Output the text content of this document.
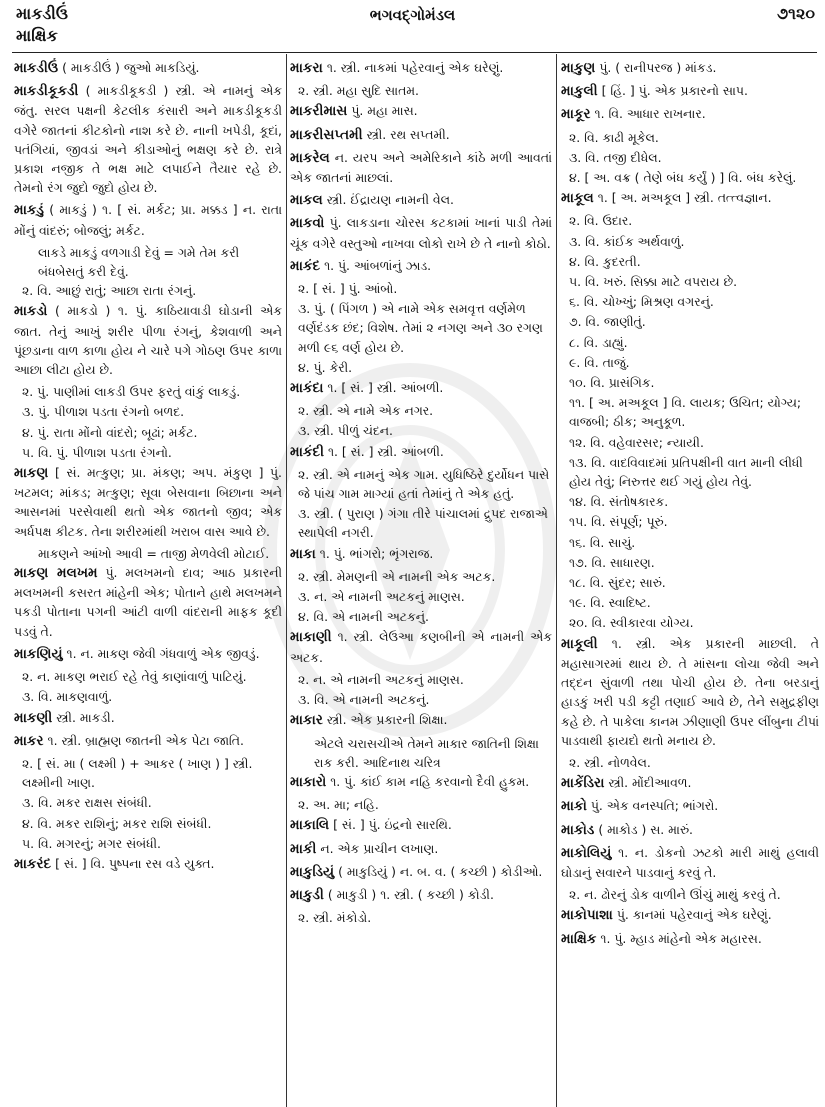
માકડીઉં
માક્ષિક
ભગવદ્ગોમંડલ	૭૧૨૦

માકડીઉં ( માકડીઉં ) જુઓ માકડિયું.

માકડીકૂકડી ( માકડીકૂકડી ) સ્ત્રી. એ નામનું એક જંતુ. સરલ પક્ષની કેટલીક કંસારી અને માકડીકૂકડી વગેરે જાતનાં કીટકોનો નાશ કરે છે. નાની ખપેડી, કૂદાં, પતંગિયાં, જીવડાં અને કીડાઓનું ભક્ષણ કરે છે. રાત્રે પ્રકાશ નજીક તે ભક્ષ માટે લપાઈને તૈયાર રહે છે. તેમનો રંગ જુદો જુદો હોય છે.

માકડું ( માકડું ) ૧. [ સં. મર્કટ; પ્રા. મક્કડ ] ન. રાતા મોંનું વાંદરું; બોજલું; મર્કટ.

લાકડે માકડું વળગાડી દેવું = ગમે તેમ કરી બંધબેસતું કરી દેવું.

૨. વિ. આછું રાતું; આછા રાતા રંગનું.

માકડો ( માકડો ) ૧. પું. કાઠિયાવાડી ઘોડાની એક જાત. તેનું આખું શરીર પીળા રંગનું, કેશવાળી અને પૂંછડાના વાળ કાળા હોય ને ચારે પગે ગોઠણ ઉપર કાળા આછા લીટા હોય છે.

૨. પું. પાણીમાં લાકડી ઉપર ફરતું વાંકું લાકડું.

૩. પું. પીળાશ પડતા રંગનો બળદ.

૪. પું. રાતા મોંનો વાંદરો; બૂઢાં; મર્કટ.

૫. વિ. પું. પીળાશ પડતા રંગનો.

માકણ [ સં. મત્કુણ; પ્રા. મંકણ; અપ. મંકુણ ] પું. ખટમલ; માંકડ; મત્કુણ; સૂવા બેસવાના બિછાના અને આસનમાં પરસેવાથી થતો એક જાતનો જીવ; એક અર્ધપક્ષ કીટક. તેના શરીરમાંથી ખરાબ વાસ આવે છે.

માકણને આંખો આવી = તાજી મેળવેલી મોટાઈ.

માકણ મલખમ પું. મલખમનો દાવ; આઠ પ્રકારની મલખમની કસરત માંહેની એક; પોતાને હાથે મલખમને પકડી પોતાના પગની આંટી વાળી વાંદરાની માફક કૂદી પડવું તે.

માકણિયું ૧. ન. માકણ જેવી ગંધવાળું એક જીવડું.

૨. ન. માકણ ભરાઈ રહે તેવું કાણાંવાળું પાટિયું.

૩. વિ. માકણવાળું.

માકણી સ્ત્રી. માકડી.

માકર ૧. સ્ત્રી. બ્રાહ્મણ જાતની એક પેટા જાતિ.

૨. [ સં. મા ( લક્ષ્મી ) + આકર ( ખાણ ) ] સ્ત્રી. લક્ષ્મીની ખાણ.

૩. વિ. મકર રાક્ષસ સંબંધી.

૪. વિ. મકર રાશિનું; મકર રાશિ સંબંધી.

૫. વિ. મગરનું; મગર સંબંધી.

માકરંદ [ સં. ] વિ. પુષ્પના રસ વડે યુક્ત.

માકરા ૧. સ્ત્રી. નાકમાં પહેરવાનું એક ઘરેણું.

૨. સ્ત્રી. મહા સુદિ સાતમ.

માકરીમાસ પું. મહા માસ.

માકરીસપ્તમી સ્ત્રી. રથ સપ્તમી.

માકરેલ ન. યરપ અને અમેરિકાને કાંઠે મળી આવતાં એક જાતનાં માછલાં.

માકલ સ્ત્રી. ઈંદ્રાયણ નામની વેલ.

માકવો પું. લાકડાના ચોરસ કટકામાં ખાનાં પાડી તેમાં ચૂંક વગેરે વસ્તુઓ નાખવા લોકો રાખે છે તે નાનો કોઠો.

માકંદ ૧. પું. આંબળાંનું ઝાડ.

૨. [ સં. ] પું. આંબો.

૩. પું. ( પિંગળ ) એ નામે એક સમવૃત્ત વર્ણમેળ વર્ણદંડક છંદ; વિશેષ. તેમાં ૨ નગણ અને ૩૦ રગણ મળી ૯૬ વર્ણ હોય છે.

૪. પું. કેરી.

માકંદા ૧. [ સં. ] સ્ત્રી. આંબળી.

૨. સ્ત્રી. એ નામે એક નગર.

૩. સ્ત્રી. પીળું ચંદન.

માકંદી ૧. [ સં. ] સ્ત્રી. આંબળી.

૨. સ્ત્રી. એ નામનું એક ગામ. યુધિષ્ઠિરે દુર્યોધન પાસે જે પાંચ ગામ માગ્યાં હતાં તેમાંનું તે એક હતું.

૩. સ્ત્રી. ( પુરાણ ) ગંગા તીરે પાંચાલમાં દ્રુપદ રાજાએ સ્થાપેલી નગરી.

માકા ૧. પું. ભાંગરો; ભૃંગરાજ.

૨. સ્ત્રી. મેમણની એ નામની એક અટક.

૩. ન. એ નામની અટકનું માણસ.

૪. વિ. એ નામની અટકનું.

માકાણી ૧. સ્ત્રી. લેઉઆ કણબીની એ નામની એક અટક.

૨. ન. એ નામની અટકનું માણસ.

૩. વિ. એ નામની અટકનું.

માકાર સ્ત્રી. એક પ્રકારની શિક્ષા.

એટલે ચરાસચીએ તેમને માકાર જાતિની શિક્ષા રાક કરી. આદિનાથ ચરિત્ર

માકારો ૧. પું. કાંઈ કામ નહિ કરવાનો દૈવી હુકમ.

૨. અ. મા; નહિ.

માકાલિ [ સં. ] પું. ઇંદ્રનો સારથિ.

માકી ન. એક પ્રાચીન લખાણ.

માકુડિયું ( માકુડિયું ) ન. બ. વ. ( કચ્છી ) કોડીઓ.

માકુડી ( માકુડી ) ૧. સ્ત્રી. ( કચ્છી ) કોડી.

૨. સ્ત્રી. મંકોડો.

માકુણ પું. ( રાનીપરજ ) માંકડ.

માકુલી [ હિં. ] પું. એક પ્રકારનો સાપ.

માકૂર ૧. વિ. આધાર રાખનાર.

૨. વિ. કાઢી મૂકેલ.

૩. વિ. તજી દીધેલ.

૪. [ અ. વક્ર ( તેણે બંધ કર્યું ) ] વિ. બંધ કરેલું.

માકૂલ ૧. [ અ. મઅકૂલ ] સ્ત્રી. તત્ત્વજ્ઞાન.

૨. વિ. ઉદાર.

૩. વિ. કાંઈક અર્થવાળું.

૪. વિ. કુદરતી.

૫. વિ. ખરું. સિક્કા માટે વપરાય છે.

૬. વિ. ચોખ્ખું; મિશ્રણ વગરનું.

૭. વિ. જાણીતું.

૮. વિ. ડાહ્યું.

૯. વિ. તાજું.

૧૦. વિ. પ્રાસંગિક.

૧૧. [ અ. મઅકૂલ ] વિ. લાયક; ઉચિત; યોગ્ય; વાજબી; ઠીક; અનુકૂળ.

૧૨. વિ. વહેવારસર; ન્યાયી.

૧૩. વિ. વાદવિવાદમાં પ્રતિપક્ષીની વાત માની લીધી હોય તેવું; નિરુત્તર થઈ ગયું હોય તેવું.

૧૪. વિ. સંતોષકારક.

૧૫. વિ. સંપૂર્ણ; પૂરું.

૧૬. વિ. સાચું.

૧૭. વિ. સાધારણ.

૧૮. વિ. સુંદર; સારું.

૧૯. વિ. સ્વાદિષ્ટ.

૨૦. વિ. સ્વીકારવા યોગ્ય.

માકૂલી ૧. સ્ત્રી. એક પ્રકારની માછલી. તે મહાસાગરમાં થાય છે. તે માંસના લોચા જેવી અને તદ્દન સુંવાળી તથા પોચી હોય છે. તેના બરડાનું હાડકું ખરી પડી કટ્ટી તણાઈ આવે છે, તેને સમુદ્રફીણ કહે છે. તે પાકેલા કાનમ ઝીણાણી ઉપર લીંબુના ટીપાં પાડવાથી ફાયદો થતો મનાય છે.

૨. સ્ત્રી. નોળવેલ.

માકેંડિરા સ્ત્રી. મોંદીઆવળ.

માકો પું. એક વનસ્પતિ; ભાંગરો.

માકોડ ( માકોડ ) સ. મારું.

માકોલિયું ૧. ન. ડોકનો ઝટકો મારી માથું હલાવી ઘોડાનું સવારને પાડવાનું કરવું તે.

૨. ન. ઢોરનું ડોક વાળીને ઊંચું માથું કરવું તે.

માકોપાશા પું. કાનમાં પહેરવાનું એક ઘરેણું.

માક્ષિક ૧. પું. મ્હાડ માંહેનો એક મહારસ.
